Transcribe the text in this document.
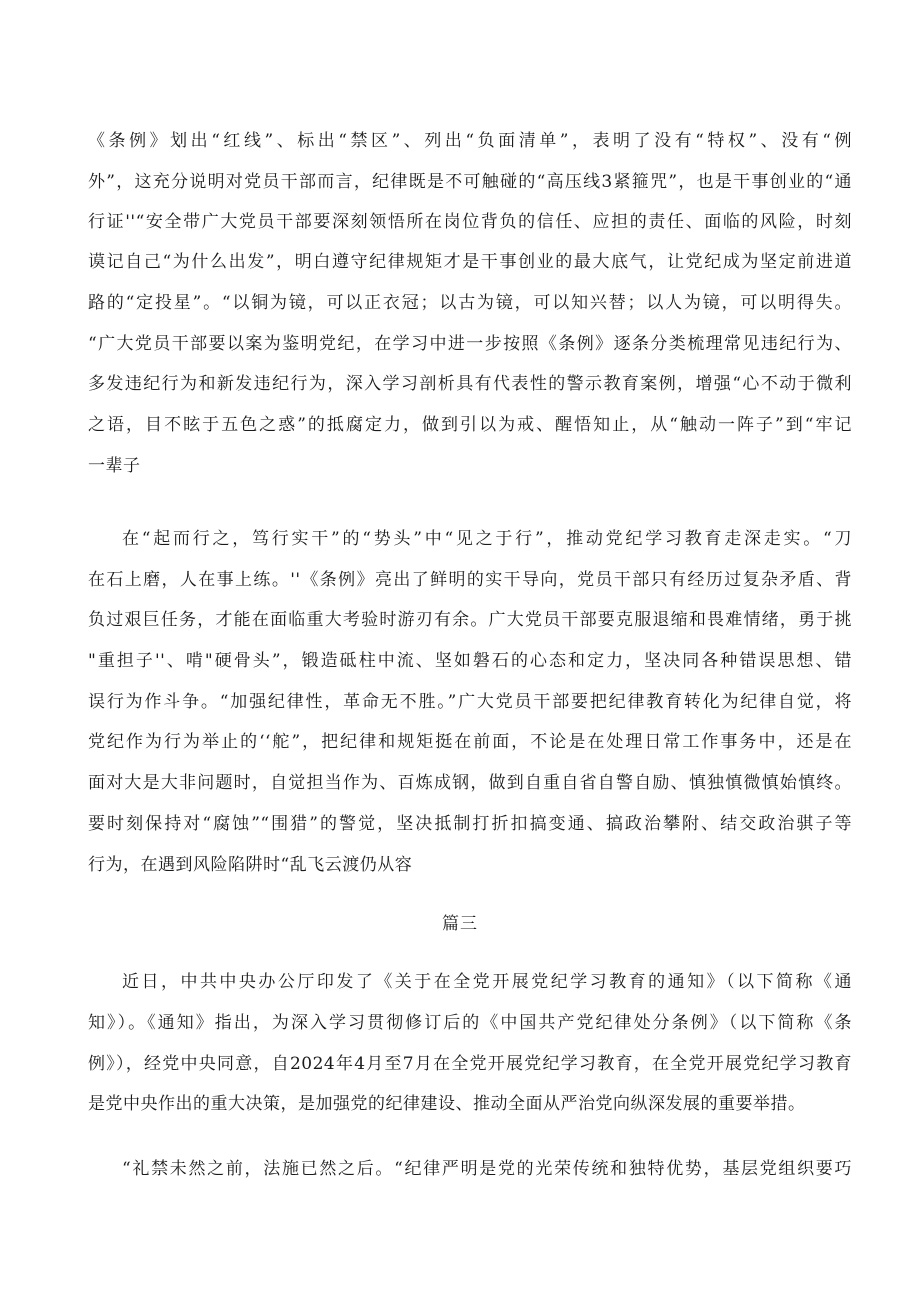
《条例》划出“红线”、标出“禁区”、列出“负面清单”，表明了没有“特权”、没有“例
外”，这充分说明对党员干部而言，纪律既是不可触碰的“高压线3紧箍咒”，也是干事创业的“通
行证''“安全带广大党员干部要深刻领悟所在岗位背负的信任、应担的责任、面临的风险，时刻
谟记自己“为什么出发”，明白遵守纪律规矩才是干事创业的最大底气，让党纪成为坚定前进道
路的“定投星”。“以铜为镜，可以正衣冠；以古为镜，可以知兴替；以人为镜，可以明得失。
“广大党员干部要以案为鉴明党纪，在学习中进一步按照《条例》逐条分类梳理常见违纪行为、
多发违纪行为和新发违纪行为，深入学习剖析具有代表性的警示教育案例，增强“心不动于微利
之语，目不眩于五色之惑”的抵腐定力，做到引以为戒、醒悟知止，从“触动一阵子”到“牢记
一辈子
在“起而行之，笃行实干”的“势头”中“见之于行”，推动党纪学习教育走深走实。“刀
在石上磨，人在事上练。''《条例》亮出了鲜明的实干导向，党员干部只有经历过复杂矛盾、背
负过艰巨任务，才能在面临重大考验时游刃有余。广大党员干部要克服退缩和畏难情绪，勇于挑
"重担子''、啃"硬骨头”，锻造砥柱中流、坚如磐石的心态和定力，坚决同各种错误思想、错
误行为作斗争。“加强纪律性，革命无不胜。”广大党员干部要把纪律教育转化为纪律自觉，将
党纪作为行为举止的‘‘舵”，把纪律和规矩挺在前面，不论是在处理日常工作事务中，还是在
面对大是大非问题时，自觉担当作为、百炼成钢，做到自重自省自警自励、慎独慎微慎始慎终。
要时刻保持对“腐蚀”“围猎”的警觉，坚决抵制打折扣搞变通、搞政治攀附、结交政治骐子等
行为，在遇到风险陷阱时“乱飞云渡仍从容
篇三
近日，中共中央办公厅印发了《关于在全党开展党纪学习教育的通知》（以下简称《通
知》）。《通知》指出，为深入学习贯彻修订后的《中国共产党纪律处分条例》（以下简称《条
例》），经党中央同意，自2024年4月至7月在全党开展党纪学习教育，在全党开展党纪学习教育
是党中央作出的重大决策，是加强党的纪律建设、推动全面从严治党向纵深发展的重要举措。
“礼禁未然之前，法施已然之后。“纪律严明是党的光荣传统和独特优势，基层党组织要巧
